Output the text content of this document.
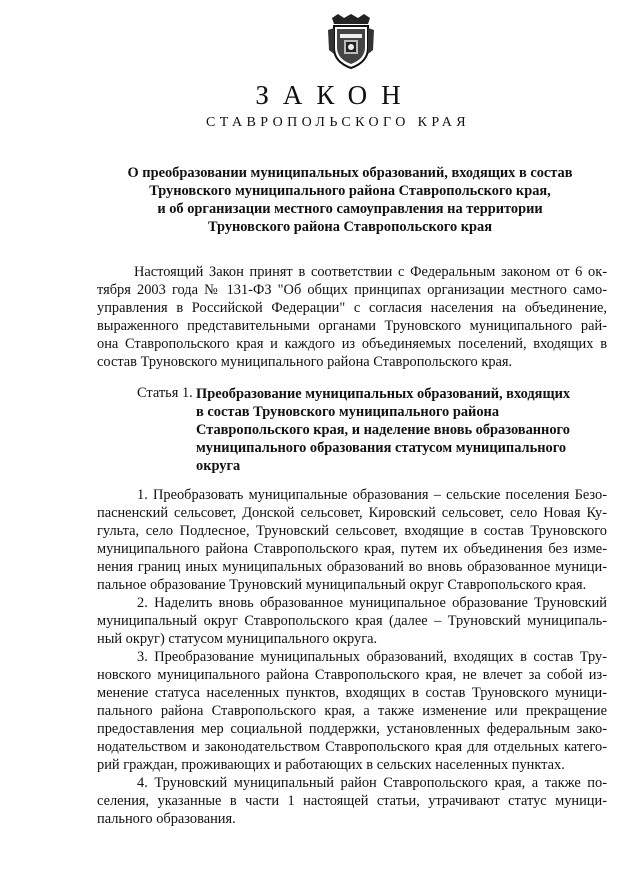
ЗАКОН
СТАВРОПОЛЬСКОГО КРАЯ
О преобразовании муниципальных образований, входящих в состав
Труновского муниципального района Ставропольского края,
и об организации местного самоуправления на территории
Труновского района Ставропольского края
Настоящий Закон принят в соответствии с Федеральным законом от 6 ок-
тября 2003 года № 131-ФЗ "Об общих принципах организации местного само-
управления в Российской Федерации" с согласия населения на объединение,
выраженного представительными органами Труновского муниципального рай-
она Ставропольского края и каждого из объединяемых поселений, входящих в
состав Труновского муниципального района Ставропольского края.
Статья 1. Преобразование муниципальных образований, входящих
в состав Труновского муниципального района
Ставропольского края, и наделение вновь образованного
муниципального образования статусом муниципального
округа
1. Преобразовать муниципальные образования – сельские поселения Безо-
пасненский сельсовет, Донской сельсовет, Кировский сельсовет, село Новая Ку-
гульта, село Подлесное, Труновский сельсовет, входящие в состав Труновского
муниципального района Ставропольского края, путем их объединения без изме-
нения границ иных муниципальных образований во вновь образованное муници-
пальное образование Труновский муниципальный округ Ставропольского края.
2. Наделить вновь образованное муниципальное образование Труновский
муниципальный округ Ставропольского края (далее – Труновский муниципаль-
ный округ) статусом муниципального округа.
3. Преобразование муниципальных образований, входящих в состав Тру-
новского муниципального района Ставропольского края, не влечет за собой из-
менение статуса населенных пунктов, входящих в состав Труновского муници-
пального района Ставропольского края, а также изменение или прекращение
предоставления мер социальной поддержки, установленных федеральным зако-
нодательством и законодательством Ставропольского края для отдельных катего-
рий граждан, проживающих и работающих в сельских населенных пунктах.
4. Труновский муниципальный район Ставропольского края, а также по-
селения, указанные в части 1 настоящей статьи, утрачивают статус муници-
пального образования.
